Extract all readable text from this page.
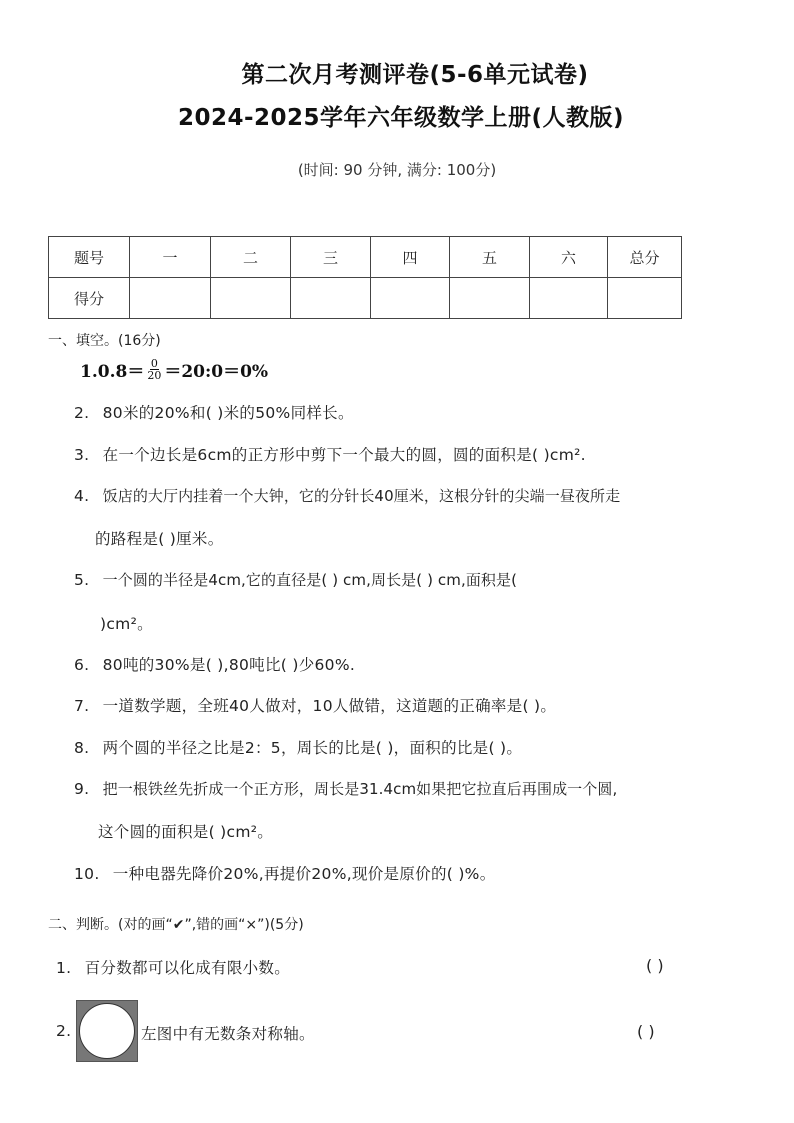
第二次月考测评卷(5-6单元试卷)
2024-2025学年六年级数学上册(人教版)
(时间: 90 分钟, 满分: 100分)
题号	一	二	三	四	五	六	总分
得分							
一、填空。(16分)
$1.0.8= \frac{0}{20}$ ＝20:0＝0%
2. 80米的20%和( )米的50%同样长。
3. 在一个边长是6cm的正方形中剪下一个最大的圆，圆的面积是( )cm².
4. 饭店的大厅内挂着一个大钟，它的分针长40厘米，这根分针的尖端一昼夜所走
的路程是( )厘米。
5. 一个圆的半径是4cm,它的直径是( ) cm,周长是( ) cm,面积是(
)cm²。
6. 80吨的30%是( ),80吨比( )少60%.
7. 一道数学题，全班40人做对，10人做错，这道题的正确率是( )。
8. 两个圆的半径之比是2：5，周长的比是( )，面积的比是( )。
9. 把一根铁丝先折成一个正方形，周长是31.4cm如果把它拉直后再围成一个圆,
这个圆的面积是( )cm²。
10. 一种电器先降价20%,再提价20%,现价是原价的( )%。
二、判断。(对的画“✔”,错的画“×”)(5分)
1. 百分数都可以化成有限小数。	( )
2.	左图中有无数条对称轴。	( )
